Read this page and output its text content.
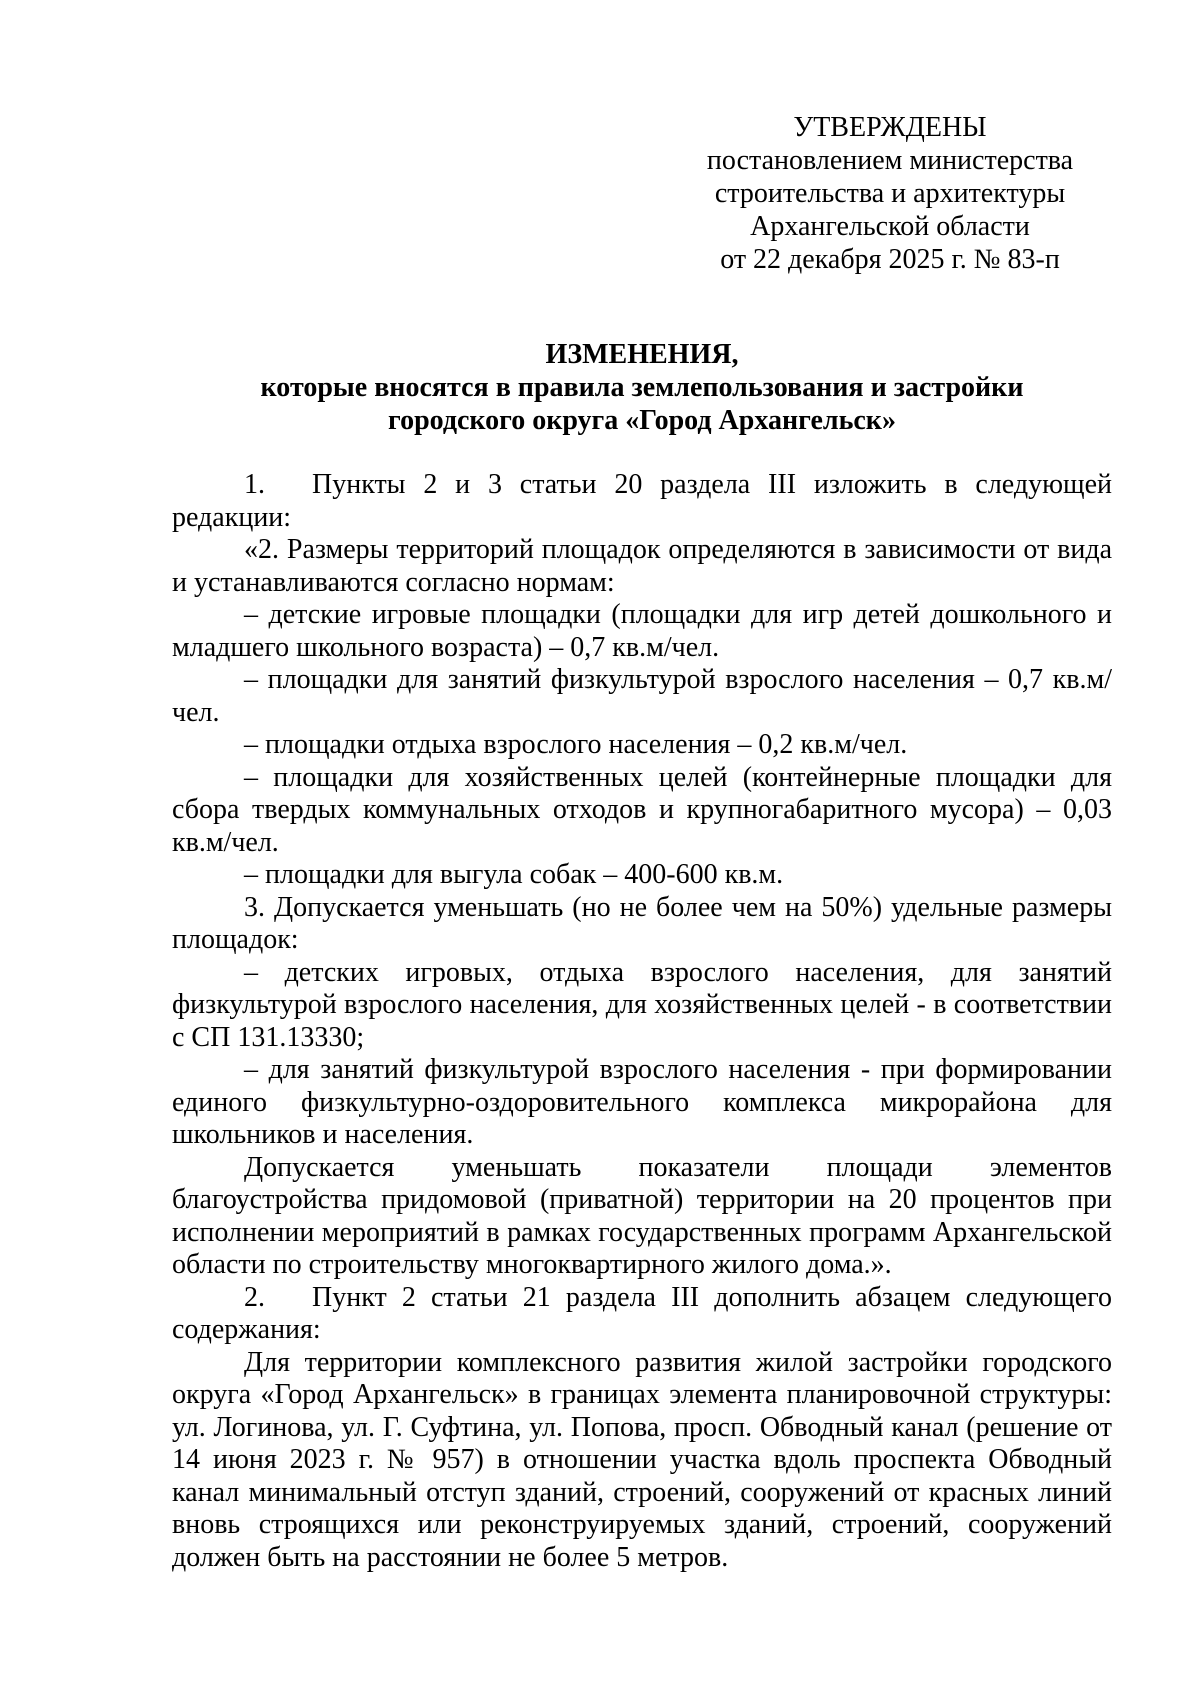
УТВЕРЖДЕНЫ
постановлением министерства
строительства и архитектуры
Архангельской области
от 22 декабря 2025 г. № 83-п
ИЗМЕНЕНИЯ,
которые вносятся в правила землепользования и застройки
городского округа «Город Архангельск»

1. Пункты 2 и 3 статьи 20 раздела III изложить в следующей редакции:

«2. Размеры территорий площадок определяются в зависимости от вида и устанавливаются согласно нормам:

– детские игровые площадки (площадки для игр детей дошкольного и младшего школьного возраста) – 0,7 кв.м/чел.

– площадки для занятий физкультурой взрослого населения – 0,7 кв.м/чел.

– площадки отдыха взрослого населения – 0,2 кв.м/чел.

– площадки для хозяйственных целей (контейнерные площадки для сбора твердых коммунальных отходов и крупногабаритного мусора) – 0,03 кв.м/чел.

– площадки для выгула собак – 400-600 кв.м.

3. Допускается уменьшать (но не более чем на 50%) удельные размеры площадок:

– детских игровых, отдыха взрослого населения, для занятий физкультурой взрослого населения, для хозяйственных целей - в соответствии с СП 131.13330;

– для занятий физкультурой взрослого населения - при формировании единого физкультурно-оздоровительного комплекса микрорайона для школьников и населения.

Допускается уменьшать показатели площади элементов благоустройства придомовой (приватной) территории на 20 процентов при исполнении мероприятий в рамках государственных программ Архангельской области по строительству многоквартирного жилого дома.».

2. Пункт 2 статьи 21 раздела III дополнить абзацем следующего содержания:

Для территории комплексного развития жилой застройки городского округа «Город Архангельск» в границах элемента планировочной структуры: ул. Логинова, ул. Г. Суфтина, ул. Попова, просп. Обводный канал (решение от 14 июня 2023 г. № 957) в отношении участка вдоль проспекта Обводный канал минимальный отступ зданий, строений, сооружений от красных линий вновь строящихся или реконструируемых зданий, строений, сооружений должен быть на расстоянии не более 5 метров.
